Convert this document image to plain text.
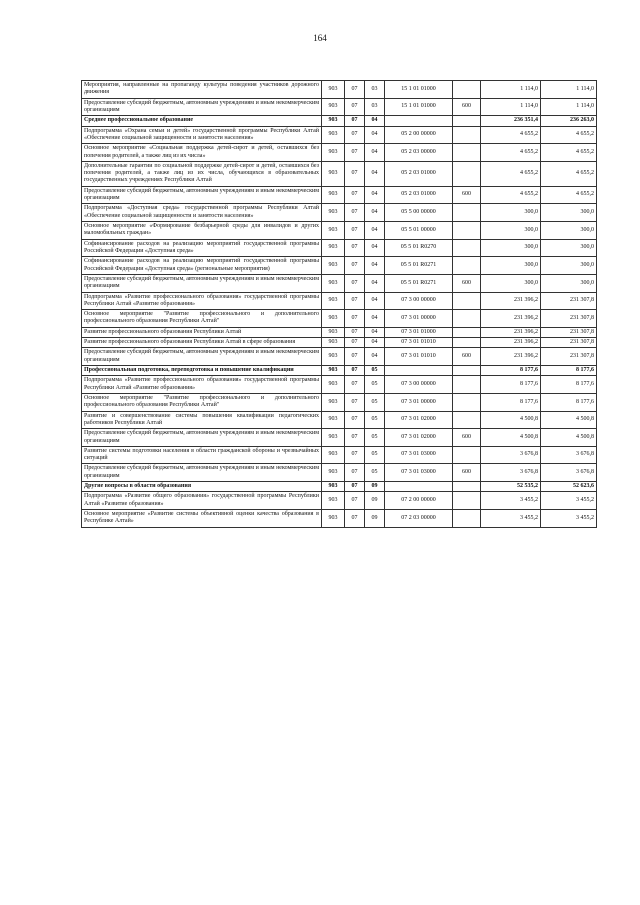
164
Мероприятия, направленные на пропаганду культуры поведения участников дорожного движения	903	07	03	15 1 01 01000		1 114,0	1 114,0
Предоставление субсидий бюджетным, автономным учреждениям и иным некоммерческим организациям	903	07	03	15 1 01 01000	600	1 114,0	1 114,0
Среднее профессиональное образование	903	07	04			236 351,4	236 263,0
Подпрограмма «Охрана семьи и детей» государственной программы Республики Алтай «Обеспечение социальной защищенности и занятости населения»	903	07	04	05 2 00 00000		4 655,2	4 655,2
Основное мероприятие «Социальная поддержка детей-сирот и детей, оставшихся без попечения родителей, а также лиц из их числа»	903	07	04	05 2 03 00000		4 655,2	4 655,2
Дополнительные гарантии по социальной поддержке детей-сирот и детей, оставшихся без попечения родителей, а также лиц из их числа, обучающихся в образовательных государственных учреждениях Республики Алтай	903	07	04	05 2 03 01000		4 655,2	4 655,2
Предоставление субсидий бюджетным, автономным учреждениям и иным некоммерческим организациям	903	07	04	05 2 03 01000	600	4 655,2	4 655,2
Подпрограмма «Доступная среда» государственной программы Республики Алтай «Обеспечение социальной защищенности и занятости населения»	903	07	04	05 5 00 00000		300,0	300,0
Основное мероприятие «Формирование безбарьерной среды для инвалидов и других маломобильных граждан»	903	07	04	05 5 01 00000		300,0	300,0
Софинансирование расходов на реализацию мероприятий государственной программы Российской Федерации «Доступная среда»	903	07	04	05 5 01 R0270		300,0	300,0
Софинансирование расходов на реализацию мероприятий государственной программы Российской Федерации «Доступная среда» (региональные мероприятия)	903	07	04	05 5 01 R0271		300,0	300,0
Предоставление субсидий бюджетным, автономным учреждениям и иным некоммерческим организациям	903	07	04	05 5 01 R0271	600	300,0	300,0
Подпрограмма «Развитие профессионального образования» государственной программы Республики Алтай «Развитие образования»	903	07	04	07 3 00 00000		231 396,2	231 307,8
Основное мероприятие "Развитие профессионального и дополнительного профессионального образования Республики Алтай"	903	07	04	07 3 01 00000		231 396,2	231 307,8
Развитие профессионального образования Республики Алтай	903	07	04	07 3 01 01000		231 396,2	231 307,8
Развитие профессионального образования Республики Алтай в сфере образования	903	07	04	07 3 01 01010		231 396,2	231 307,8
Предоставление субсидий бюджетным, автономным учреждениям и иным некоммерческим организациям	903	07	04	07 3 01 01010	600	231 396,2	231 307,8
Профессиональная подготовка, переподготовка и повышение квалификации	903	07	05			8 177,6	8 177,6
Подпрограмма «Развитие профессионального образования» государственной программы Республики Алтай «Развитие образования»	903	07	05	07 3 00 00000		8 177,6	8 177,6
Основное мероприятие "Развитие профессионального и дополнительного профессионального образования Республики Алтай"	903	07	05	07 3 01 00000		8 177,6	8 177,6
Развитие и совершенствование системы повышения квалификации педагогических работников Республики Алтай	903	07	05	07 3 01 02000		4 500,8	4 500,8
Предоставление субсидий бюджетным, автономным учреждениям и иным некоммерческим организациям	903	07	05	07 3 01 02000	600	4 500,8	4 500,8
Развитие системы подготовки населения в области гражданской обороны и чрезвычайных ситуаций	903	07	05	07 3 01 03000		3 676,8	3 676,8
Предоставление субсидий бюджетным, автономным учреждениям и иным некоммерческим организациям	903	07	05	07 3 01 03000	600	3 676,8	3 676,8
Другие вопросы в области образования	903	07	09			52 535,2	52 623,6
Подпрограмма «Развитие общего образования» государственной программы Республики Алтай «Развитие образования»	903	07	09	07 2 00 00000		3 455,2	3 455,2
Основное мероприятие «Развитие системы объективной оценки качества образования в Республике Алтай»	903	07	09	07 2 03 00000		3 455,2	3 455,2
